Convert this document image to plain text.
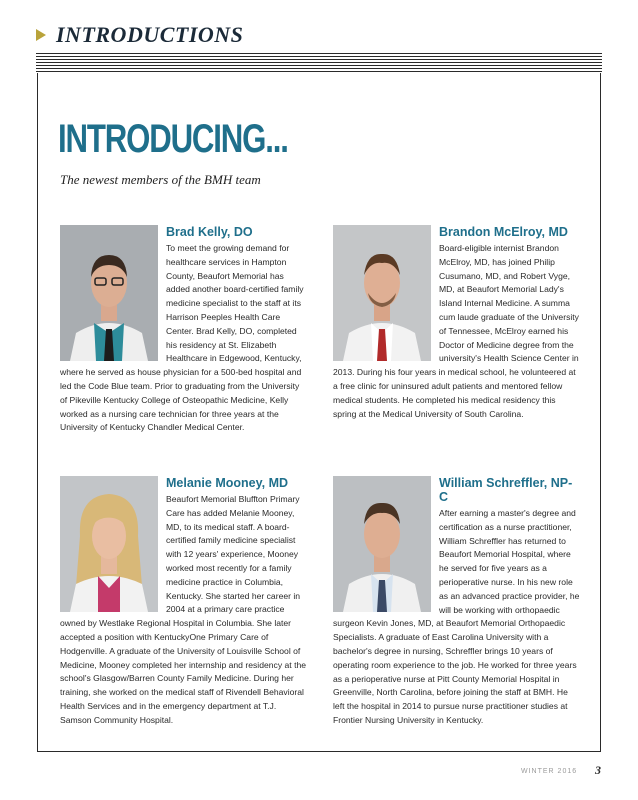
INTRODUCTIONS
INTRODUCING...
The newest members of the BMH team
Brad Kelly, DO

To meet the growing demand for healthcare services in Hampton County, Beaufort Memorial has added another board-certified family medicine specialist to the staff at its Harrison Peeples Health Care Center. Brad Kelly, DO, completed his residency at St. Elizabeth Healthcare in Edgewood, Kentucky, where he served as house physician for a 500-bed hospital and led the Code Blue team. Prior to graduating from the University of Pikeville Kentucky College of Osteopathic Medicine, Kelly worked as a nursing care technician for three years at the University of Kentucky Chandler Medical Center.

Brandon McElroy, MD

Board-eligible internist Brandon McElroy, MD, has joined Philip Cusumano, MD, and Robert Vyge, MD, at Beaufort Memorial Lady's Island Internal Medicine. A summa cum laude graduate of the University of Tennessee, McElroy earned his Doctor of Medicine degree from the university's Health Science Center in 2013. During his four years in medical school, he volunteered at a free clinic for uninsured adult patients and mentored fellow medical students. He completed his medical residency this spring at the Medical University of South Carolina.

Melanie Mooney, MD

Beaufort Memorial Bluffton Primary Care has added Melanie Mooney, MD, to its medical staff. A board-certified family medicine specialist with 12 years' experience, Mooney worked most recently for a family medicine practice in Columbia, Kentucky. She started her career in 2004 at a primary care practice owned by Westlake Regional Hospital in Columbia. She later accepted a position with KentuckyOne Primary Care of Hodgenville. A graduate of the University of Louisville School of Medicine, Mooney completed her internship and residency at the school's Glasgow/Barren County Family Medicine. During her training, she worked on the medical staff of Rivendell Behavioral Health Services and in the emergency department at T.J. Samson Community Hospital.

William Schreffler, NP-C

After earning a master's degree and certification as a nurse practitioner, William Schreffler has returned to Beaufort Memorial Hospital, where he served for five years as a perioperative nurse. In his new role as an advanced practice provider, he will be working with orthopaedic surgeon Kevin Jones, MD, at Beaufort Memorial Orthopaedic Specialists. A graduate of East Carolina University with a bachelor's degree in nursing, Schreffler brings 10 years of operating room experience to the job. He worked for three years as a perioperative nurse at Pitt County Memorial Hospital in Greenville, North Carolina, before joining the staff at BMH. He left the hospital in 2014 to pursue nurse practitioner studies at Frontier Nursing University in Kentucky.

WINTER 2016 3
